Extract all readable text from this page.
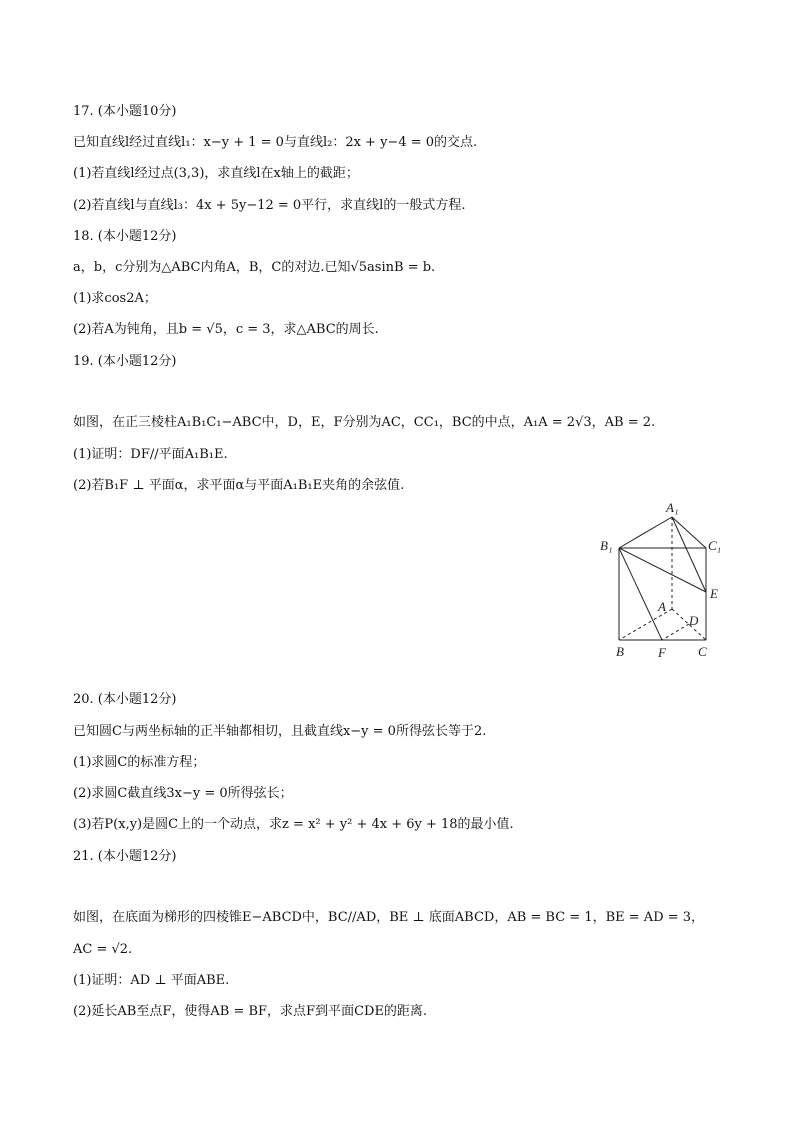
17. (本小题10分)
已知直线l经过直线l₁：x−y + 1 = 0与直线l₂：2x + y−4 = 0的交点.
(1)若直线l经过点(3,3)，求直线l在x轴上的截距；
(2)若直线l与直线l₃：4x + 5y−12 = 0平行，求直线l的一般式方程.
18. (本小题12分)
a，b，c分别为△ABC内角A，B，C的对边.已知√5asinB = b.
(1)求cos2A；
(2)若A为钝角，且b = √5，c = 3，求△ABC的周长.
19. (本小题12分)
如图，在正三棱柱A₁B₁C₁−ABC中，D，E，F分别为AC，CC₁，BC的中点，A₁A = 2√3，AB = 2.
(1)证明：DF//平面A₁B₁E.
(2)若B₁F ⊥ 平面α，求平面α与平面A₁B₁E夹角的余弦值.
A₁
B₁	C₁
E
A
D
B	F C
20. (本小题12分)
已知圆C与两坐标轴的正半轴都相切，且截直线x−y = 0所得弦长等于2.
(1)求圆C的标准方程；
(2)求圆C截直线3x−y = 0所得弦长；
(3)若P(x,y)是圆C上的一个动点，求z = x² + y² + 4x + 6y + 18的最小值.
21. (本小题12分)
如图，在底面为梯形的四棱锥E−ABCD中，BC//AD，BE ⊥ 底面ABCD，AB = BC = 1，BE = AD = 3，
AC = √2.
(1)证明：AD ⊥ 平面ABE.
(2)延长AB至点F，使得AB = BF，求点F到平面CDE的距离.
